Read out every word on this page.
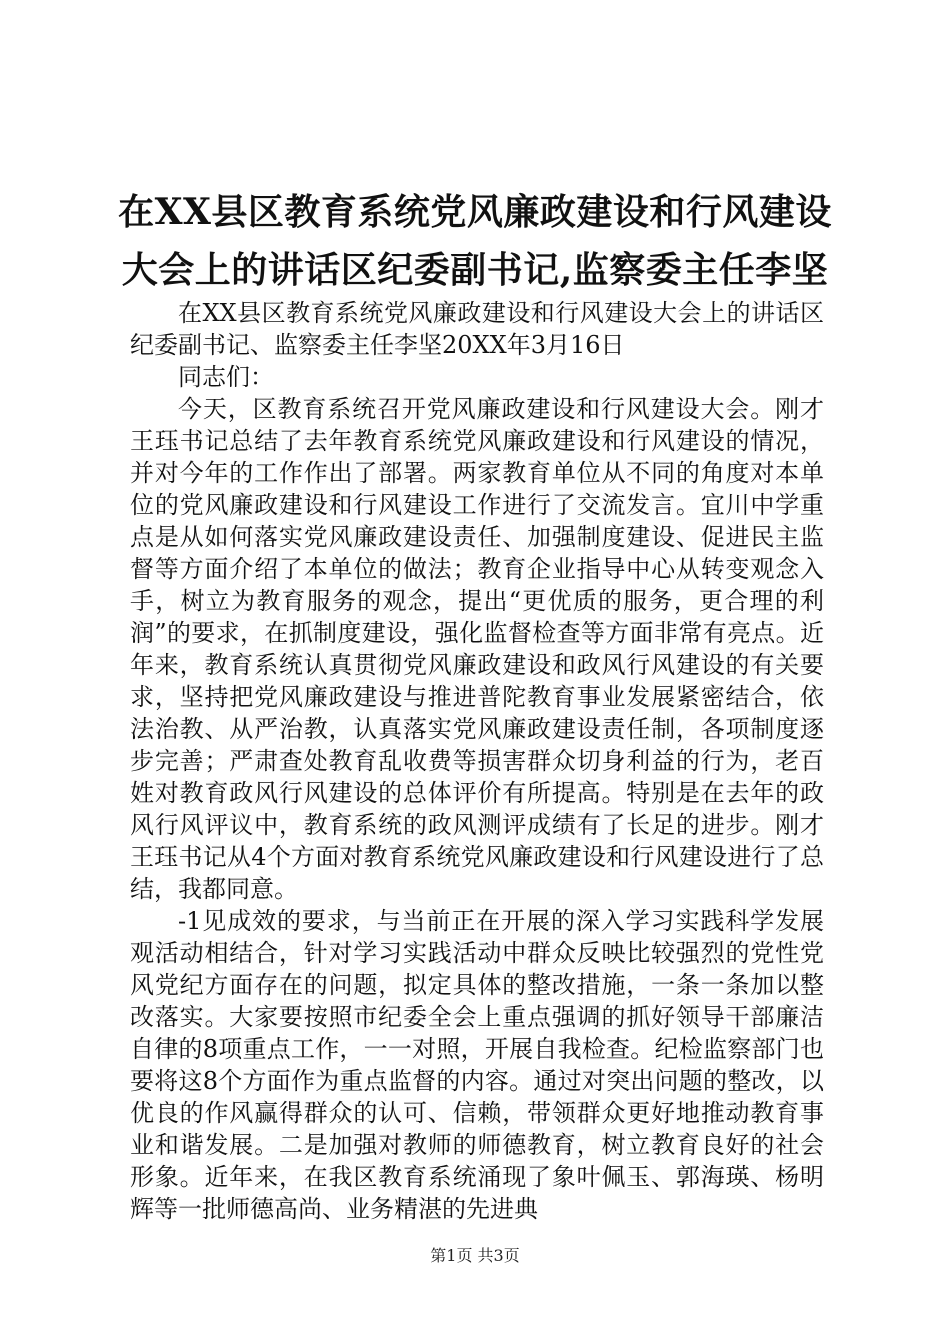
在XX县区教育系统党风廉政建设和行风建设
大会上的讲话区纪委副书记,监察委主任李坚

在XX县区教育系统党风廉政建设和行风建设大会上的讲话区纪委副书记、监察委主任李坚20XX年3月16日

同志们：

今天，区教育系统召开党风廉政建设和行风建设大会。刚才王珏书记总结了去年教育系统党风廉政建设和行风建设的情况，并对今年的工作作出了部署。两家教育单位从不同的角度对本单位的党风廉政建设和行风建设工作进行了交流发言。宜川中学重点是从如何落实党风廉政建设责任、加强制度建设、促进民主监督等方面介绍了本单位的做法；教育企业指导中心从转变观念入手，树立为教育服务的观念，提出“更优质的服务，更合理的利润”的要求，在抓制度建设，强化监督检查等方面非常有亮点。近年来，教育系统认真贯彻党风廉政建设和政风行风建设的有关要求，坚持把党风廉政建设与推进普陀教育事业发展紧密结合，依法治教、从严治教，认真落实党风廉政建设责任制，各项制度逐步完善；严肃查处教育乱收费等损害群众切身利益的行为，老百姓对教育政风行风建设的总体评价有所提高。特别是在去年的政风行风评议中，教育系统的政风测评成绩有了长足的进步。刚才王珏书记从4个方面对教育系统党风廉政建设和行风建设进行了总结，我都同意。

-1见成效的要求，与当前正在开展的深入学习实践科学发展观活动相结合，针对学习实践活动中群众反映比较强烈的党性党风党纪方面存在的问题，拟定具体的整改措施，一条一条加以整改落实。大家要按照市纪委全会上重点强调的抓好领导干部廉洁自律的8项重点工作，一一对照，开展自我检查。纪检监察部门也要将这8个方面作为重点监督的内容。通过对突出问题的整改，以优良的作风赢得群众的认可、信赖，带领群众更好地推动教育事业和谐发展。二是加强对教师的师德教育，树立教育良好的社会形象。近年来，在我区教育系统涌现了象叶佩玉、郭海瑛、杨明辉等一批师德高尚、业务精湛的先进典

第1页 共3页
